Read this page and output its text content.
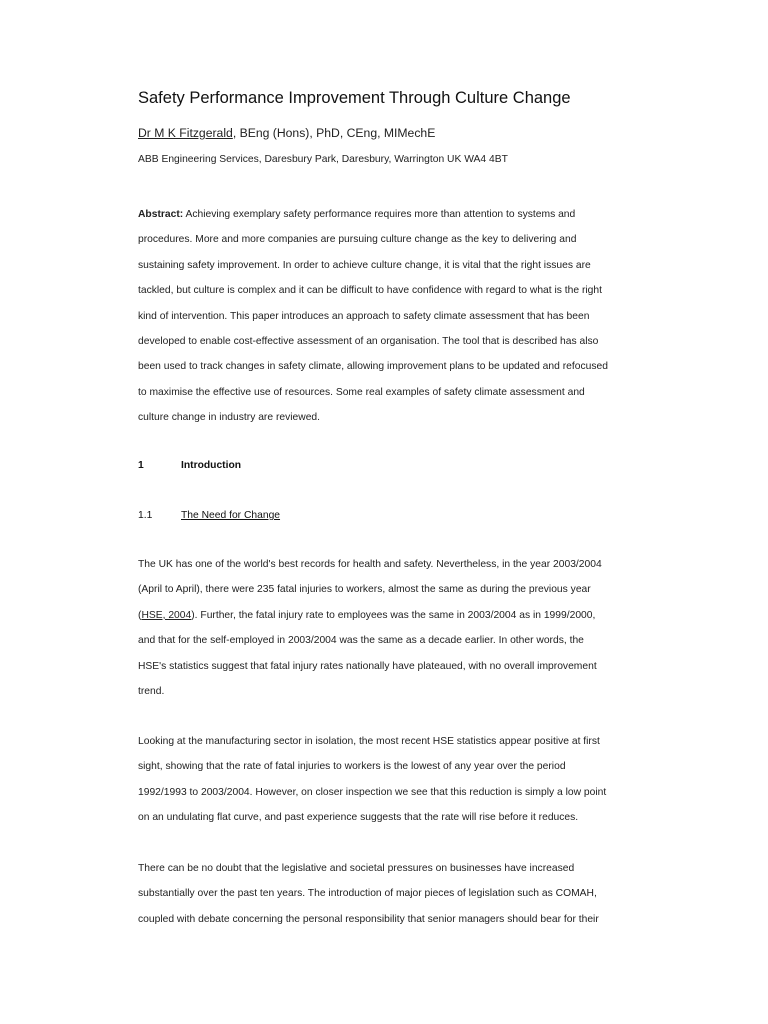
Safety Performance Improvement Through Culture Change
Dr M K Fitzgerald, BEng (Hons), PhD, CEng, MIMechE
ABB Engineering Services, Daresbury Park, Daresbury, Warrington UK WA4 4BT
Abstract: Achieving exemplary safety performance requires more than attention to systems and
procedures. More and more companies are pursuing culture change as the key to delivering and
sustaining safety improvement. In order to achieve culture change, it is vital that the right issues are
tackled, but culture is complex and it can be difficult to have confidence with regard to what is the right
kind of intervention. This paper introduces an approach to safety climate assessment that has been
developed to enable cost-effective assessment of an organisation. The tool that is described has also
been used to track changes in safety climate, allowing improvement plans to be updated and refocused
to maximise the effective use of resources. Some real examples of safety climate assessment and
culture change in industry are reviewed.
1	Introduction
1.1	The Need for Change
The UK has one of the world's best records for health and safety. Nevertheless, in the year 2003/2004
(April to April), there were 235 fatal injuries to workers, almost the same as during the previous year
(HSE, 2004). Further, the fatal injury rate to employees was the same in 2003/2004 as in 1999/2000,
and that for the self-employed in 2003/2004 was the same as a decade earlier. In other words, the
HSE's statistics suggest that fatal injury rates nationally have plateaued, with no overall improvement
trend.
Looking at the manufacturing sector in isolation, the most recent HSE statistics appear positive at first
sight, showing that the rate of fatal injuries to workers is the lowest of any year over the period
1992/1993 to 2003/2004. However, on closer inspection we see that this reduction is simply a low point
on an undulating flat curve, and past experience suggests that the rate will rise before it reduces.
There can be no doubt that the legislative and societal pressures on businesses have increased
substantially over the past ten years. The introduction of major pieces of legislation such as COMAH,
coupled with debate concerning the personal responsibility that senior managers should bear for their
